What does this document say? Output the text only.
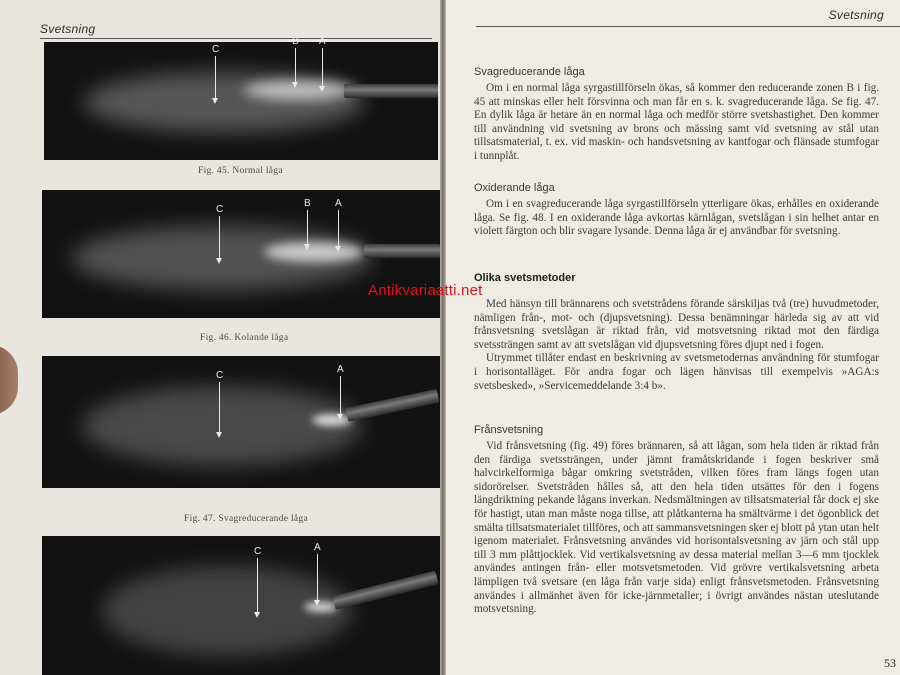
Svetsning
C
B A
Fig. 45. Normal låga
C
B A
Fig. 46. Kolande låga
C
A
Fig. 47. Svagreducerande låga
C	A
Svetsning
Svagreducerande låga

Om i en normal låga syrgastillförseln ökas, så kommer den reducerande zonen B i fig. 45 att minskas eller helt försvinna och man får en s. k. svagreducerande låga. Se fig. 47. En dylik låga är hetare än en normal låga och medför större svetshastighet. Den kommer till användning vid svetsning av brons och mässing samt vid svetsning av stål utan tillsatsmaterial, t. ex. vid maskin- och handsvetsning av kantfogar och flänsade stumfogar i tunnplåt.

Oxiderande låga

Om i en svagreducerande låga syrgastillförseln ytterligare ökas, erhålles en oxiderande låga. Se fig. 48. I en oxiderande låga avkortas kärnlågan, svetslågan i sin helhet antar en violett färgton och blir svagare lysande. Denna låga är ej användbar för svetsning.

Olika svetsmetoder

Med hänsyn till brännarens och svetstrådens förande särskiljas två (tre) huvudmetoder, nämligen från-, mot- och (djupsvetsning). Dessa benämningar härleda sig av att vid frånsvetsning svetslågan är riktad från, vid motsvetsning riktad mot den färdiga svetssträngen samt av att svetslågan vid djupsvetsning föres djupt ned i fogen.

Utrymmet tillåter endast en beskrivning av svetsmetodernas användning för stumfogar i horisontalläget. För andra fogar och lägen hänvisas till exempelvis »AGA:s svetsbesked», »Servicemeddelande 3:4 b».

Frånsvetsning

Vid frånsvetsning (fig. 49) föres brännaren, så att lågan, som hela tiden är riktad från den färdiga svetssträngen, under jämnt framåtskridande i fogen beskriver små halvcirkelformiga bågar omkring svetstråden, vilken föres fram längs fogen utan sidorörelser. Svetstråden hålles så, att den hela tiden utsättes för den i fogens längdriktning pekande lågans inverkan. Nedsmältningen av tillsatsmaterial får dock ej ske för hastigt, utan man måste noga tillse, att plåtkanterna ha smältvärme i det ögonblick det smälta tillsatsmaterialet tillföres, och att sammansvetsningen sker ej blott på ytan utan helt igenom materialet. Frånsvetsning användes vid horisontalsvetsning av järn och stål upp till 3 mm plåttjocklek. Vid vertikalsvetsning av dessa material mellan 3—6 mm tjocklek användes antingen från- eller motsvetsmetoden. Vid grövre vertikalsvetsning arbeta lämpligen två svetsare (en låga från varje sida) enligt frånsvetsmetoden. Frånsvetsning användes i allmänhet även för icke-järnmetaller; i övrigt användes nästan uteslutande motsvetsning.

53
Antikvariaatti.net
